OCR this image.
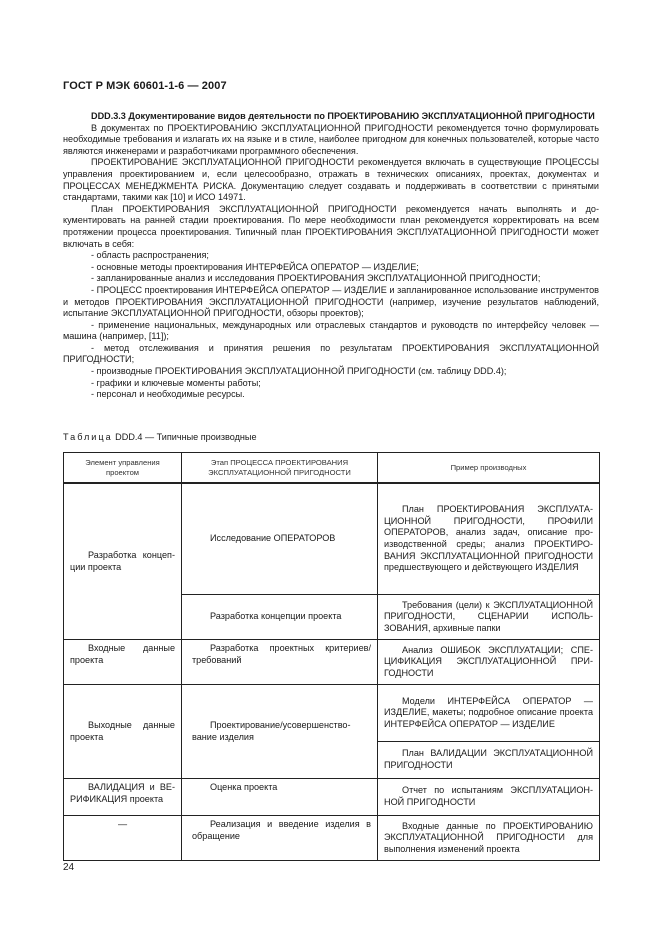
ГОСТ Р МЭК 60601-1-6 — 2007

DDD.3.3 Документирование видов деятельности по ПРОЕКТИРОВАНИЮ ЭКСПЛУАТАЦИОННОЙ ПРИГОДНОСТИ

В документах по ПРОЕКТИРОВАНИЮ ЭКСПЛУАТАЦИОННОЙ ПРИГОДНОСТИ рекомендуется точно формулировать необходимые требования и излагать их на языке и в стиле, наиболее пригодном для конечных пользователей, которые часто являются инженерами и разработчиками программного обеспечения.

ПРОЕКТИРОВАНИЕ ЭКСПЛУАТАЦИОННОЙ ПРИГОДНОСТИ рекомендуется включать в существующие ПРОЦЕССЫ управления проектированием и, если целесообразно, отражать в технических описаниях, проектах, документах и ПРОЦЕССАХ МЕНЕДЖМЕНТА РИСКА. Документацию следует создавать и поддерживать в соответствии с принятыми стандартами, такими как [10] и ИСО 14971.

План ПРОЕКТИРОВАНИЯ ЭКСПЛУАТАЦИОННОЙ ПРИГОДНОСТИ рекомендуется начать выполнять и документировать на ранней стадии проектирования. По мере необходимости план рекомендуется корректировать на всем протяжении процесса проектирования. Типичный план ПРОЕКТИРОВАНИЯ ЭКСПЛУАТАЦИОННОЙ ПРИГОДНОСТИ может включать в себя:

- область распространения;

- основные методы проектирования ИНТЕРФЕЙСА ОПЕРАТОР — ИЗДЕЛИЕ;

- запланированные анализ и исследования ПРОЕКТИРОВАНИЯ ЭКСПЛУАТАЦИОННОЙ ПРИГОДНОСТИ;

- ПРОЦЕСС проектирования ИНТЕРФЕЙСА ОПЕРАТОР — ИЗДЕЛИЕ и запланированное использование инструментов и методов ПРОЕКТИРОВАНИЯ ЭКСПЛУАТАЦИОННОЙ ПРИГОДНОСТИ (например, изучение результатов наблюдений, испытание ЭКСПЛУАТАЦИОННОЙ ПРИГОДНОСТИ, обзоры проектов);

- применение национальных, международных или отраслевых стандартов и руководств по интерфейсу человек — машина (например, [11]);

- метод отслеживания и принятия решения по результатам ПРОЕКТИРОВАНИЯ ЭКСПЛУАТАЦИОННОЙ ПРИГОДНОСТИ;

- производные ПРОЕКТИРОВАНИЯ ЭКСПЛУАТАЦИОННОЙ ПРИГОДНОСТИ (см. таблицу DDD.4);

- графики и ключевые моменты работы;

- персонал и необходимые ресурсы.

Таблица DDD.4 — Типичные производные
Элемент управления проектом	Этап ПРОЦЕССА ПРОЕКТИРОВАНИЯ ЭКСПЛУАТАЦИОННОЙ ПРИГОДНОСТИ	Пример производных
Разработка концепции проекта	Исследование ОПЕРАТОРОВ	План ПРОЕКТИРОВАНИЯ ЭКСПЛУАТАЦИОННОЙ ПРИГОДНОСТИ, ПРОФИЛИ ОПЕРАТОРОВ, анализ задач, описание производственной среды; анализ ПРОЕКТИРОВАНИЯ ЭКСПЛУАТАЦИОННОЙ ПРИГОДНОСТИ предшествующего и действующего ИЗДЕЛИЯ
	Разработка концепции проекта	Требования (цели) к ЭКСПЛУАТАЦИОННОЙ ПРИГОДНОСТИ, СЦЕНАРИИ ИСПОЛЬЗОВАНИЯ, архивные папки
Входные данные проекта	Разработка проектных критериев/требований	Анализ ОШИБОК ЭКСПЛУАТАЦИИ; СПЕЦИФИКАЦИЯ ЭКСПЛУАТАЦИОННОЙ ПРИГОДНОСТИ
Выходные данные проекта	Проектирование/усовершенствование изделия	Модели ИНТЕРФЕЙСА ОПЕРАТОР — ИЗДЕЛИЕ, макеты; подробное описание проекта ИНТЕРФЕЙСА ОПЕРАТОР — ИЗДЕЛИЕ
		План ВАЛИДАЦИИ ЭКСПЛУАТАЦИОННОЙ ПРИГОДНОСТИ
ВАЛИДАЦИЯ и ВЕРИФИКАЦИЯ проекта	Оценка проекта	Отчет по испытаниям ЭКСПЛУАТАЦИОННОЙ ПРИГОДНОСТИ
—	Реализация и введение изделия в обращение	Входные данные по ПРОЕКТИРОВАНИЮ ЭКСПЛУАТАЦИОННОЙ ПРИГОДНОСТИ для выполнения изменений проекта
24
